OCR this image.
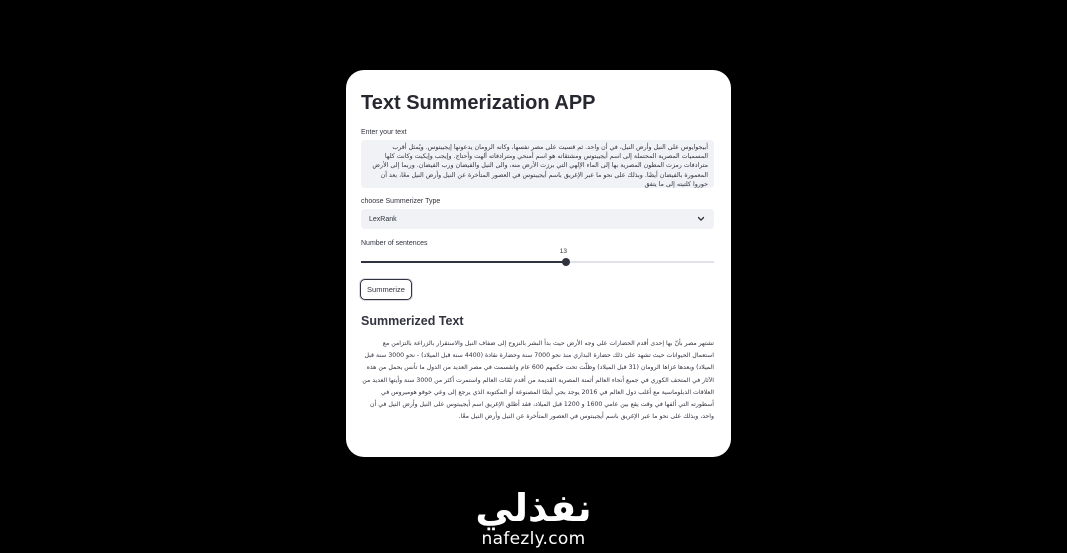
Text Summerization APP
Enter your text
أبيجوايوس على النيل وأرض النيل، في أن واحد. ثم قسيت على مصر نفسها، وكانه الرومان يدعونها إيجيبتوس. ويُمثل أقرب المسميات المصرية المحتملة إلى اسم أيجيبتوس ومشتقاته هو اسم أمنحي ومترادفاته ألهت وأحتاج. وإيجب وإيكيت وكانت كلها مترادفات رمزت المطون المصرية بها إلى الماء الإلهي التي برزت الأرض منه، والى النيل والفيضان ورب الفيضان. وربما إلى الأرض المعمورة بالفيضان أيضًا. وبذلك على نحو ما عبر الإغريق باسم أيجيبتوس في العصور المتأخرة عن النيل وأرض النيل معًا، بعد أن حوروا كلتيته إلى ما يتفق
choose Summerizer Type
LexRank
Number of sentences
13
Summerize
Summerized Text
تشتهر مصر بأنّ بها إحدى أقدم الحضارات على وجه الأرض حيث بدأ البشر بالنزوح إلى ضفاف النيل والاستقرار بالزراعة بالتزامن مع استعمال الحيوانات حيث تشهد على ذلك حضارة البداري منذ نحو 7000 سنة وحضارة نقادة (4400 سنة قبل الميلاد) - نحو 3000 سنة قبل الميلاد) وبعدها غزاها الرومان (31 قبل الميلاد) وظلّت تحت حكمهم 600 عام وانقسمت في مصر العديد من الدول ما تأنس يحمل من هذه الآثار في المتحف الكوري في جميع أنحاء العالم أثمنة المصرية القديمة من أقدم ثمّات العالم واستمرت أكثر من 3000 سنة وأيتها العديد من العلاقات الدبلوماسية مع أغلب دول العالم في 2016 يوجد بجي أيضًا المصنوعة أو المكتوبة الذي يرجع إلى وعي خوفو هوميروس في أسطورته التي ألفها في وقت يقع بين عامي 1600 و 1200 قبل الميلاد، فقد أطلق الإغريق اسم أيجيبتوس على النيل وأرض النيل في أن واحد، وبذلك على نحو ما عبر الإغريق باسم أيجيبتوس في العصور المتأخرة عن النيل وأرض النيل معًا.
نفذلي
nafezly.com
